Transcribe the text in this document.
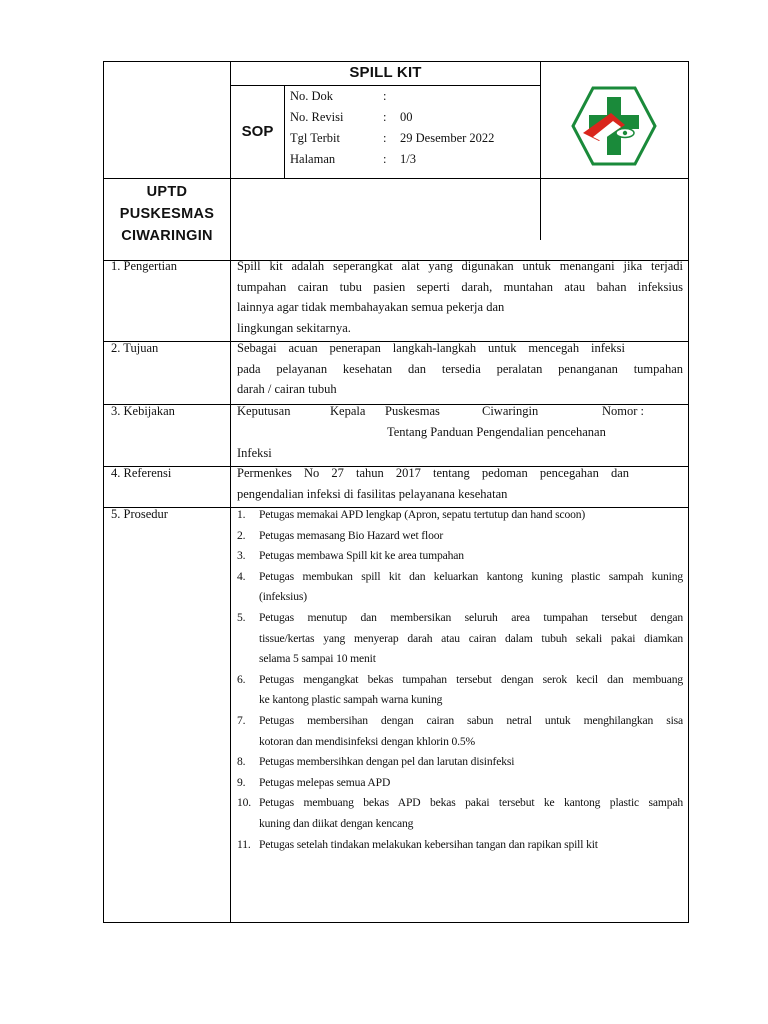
SPILL KIT
SOP
No. Dok	:
No. Revisi	: 00
Tgl Terbit	: 29 Desember 2022
Halaman	: 1/3
UPTD
PUSKESMAS
CIWARINGIN
1. Pengertian	Spill kit adalah seperangkat alat yang digunakan untuk menangani jika terjadi
tumpahan cairan tubu pasien seperti darah, muntahan atau bahan infeksius
lainnya agar tidak membahayakan semua pekerja dan
lingkungan sekitarnya.
2. Tujuan	Sebagai acuan penerapan langkah-langkah untuk mencegah infeksi
pada pelayanan kesehatan dan tersedia peralatan penanganan tumpahan
darah / cairan tubuh
3. Kebijakan	Keputusan	Kepala Puskesmas	Ciwaringin	Nomor :
Tentang Panduan Pengendalian pencehanan
Infeksi
4. Referensi	Permenkes No 27 tahun 2017 tentang pedoman pencegahan dan
pengendalian infeksi di fasilitas pelayanana kesehatan
5. Prosedur	1.	Petugas memakai APD lengkap (Apron, sepatu tertutup dan hand scoon)
2.	Petugas memasang Bio Hazard wet floor
3.	Petugas membawa Spill kit ke area tumpahan
4.	Petugas membukan spill kit dan keluarkan kantong kuning plastic sampah kuning
(infeksius)
5.	Petugas menutup dan membersikan seluruh area tumpahan tersebut dengan
tissue/kertas yang menyerap darah atau cairan dalam tubuh sekali pakai diamkan
selama 5 sampai 10 menit
6.	Petugas mengangkat bekas tumpahan tersebut dengan serok kecil dan membuang
ke kantong plastic sampah warna kuning
7.	Petugas membersihan dengan cairan sabun netral untuk menghilangkan sisa
kotoran dan mendisinfeksi dengan khlorin 0.5%
8.	Petugas membersihkan dengan pel dan larutan disinfeksi
9.	Petugas melepas semua APD
10. Petugas membuang bekas APD bekas pakai tersebut ke kantong plastic sampah
kuning dan diikat dengan kencang
11. Petugas setelah tindakan melakukan kebersihan tangan dan rapikan spill kit
